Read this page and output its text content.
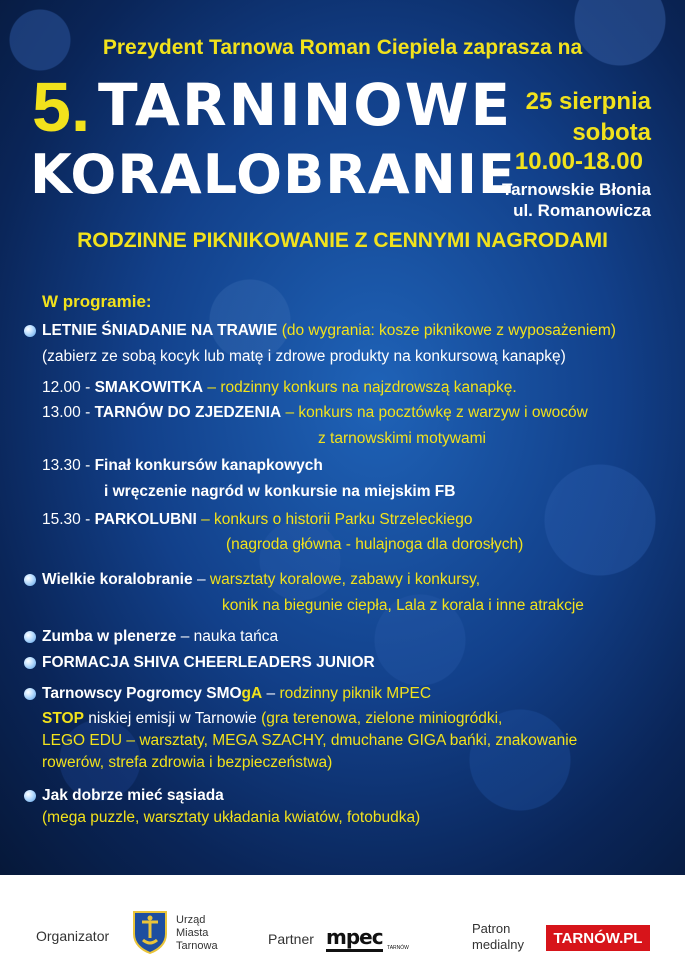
Prezydent Tarnowa Roman Ciepiela zaprasza na
5. TARNINOWE
KORALOBRANIE
25 sierpnia
sobota
10.00-18.00
Tarnowskie Błonia
ul. Romanowicza
RODZINNE PIKNIKOWANIE Z CENNYMI NAGRODAMI
W programie:
LETNIE ŚNIADANIE NA TRAWIE (do wygrania: kosze piknikowe z wyposażeniem)
(zabierz ze sobą kocyk lub matę i zdrowe produkty na konkursową kanapkę)
12.00 - SMAKOWITKA – rodzinny konkurs na najzdrowszą kanapkę.
13.00 - TARNÓW DO ZJEDZENIA – konkurs na pocztówkę z warzyw i owoców
z tarnowskimi motywami
13.30 - Finał konkursów kanapkowych
i wręczenie nagród w konkursie na miejskim FB
15.30 - PARKOLUBNI – konkurs o historii Parku Strzeleckiego
(nagroda główna - hulajnoga dla dorosłych)
Wielkie koralobranie – warsztaty koralowe, zabawy i konkursy,
konik na biegunie ciepła, Lala z korala i inne atrakcje
Zumba w plenerze – nauka tańca
FORMACJA SHIVA CHEERLEADERS JUNIOR
Tarnowscy Pogromcy SMOgA – rodzinny piknik MPEC
STOP niskiej emisji w Tarnowie (gra terenowa, zielone miniogródki,
LEGO EDU – warsztaty, MEGA SZACHY, dmuchane GIGA bańki, znakowanie
rowerów, strefa zdrowia i bezpieczeństwa)
Jak dobrze mieć sąsiada
(mega puzzle, warsztaty układania kwiatów, fotobudka)
Organizator
Urząd Miasta Tarnowa	Partner mpec TARNÓW
Patron medialny	TARNÓW.PL
